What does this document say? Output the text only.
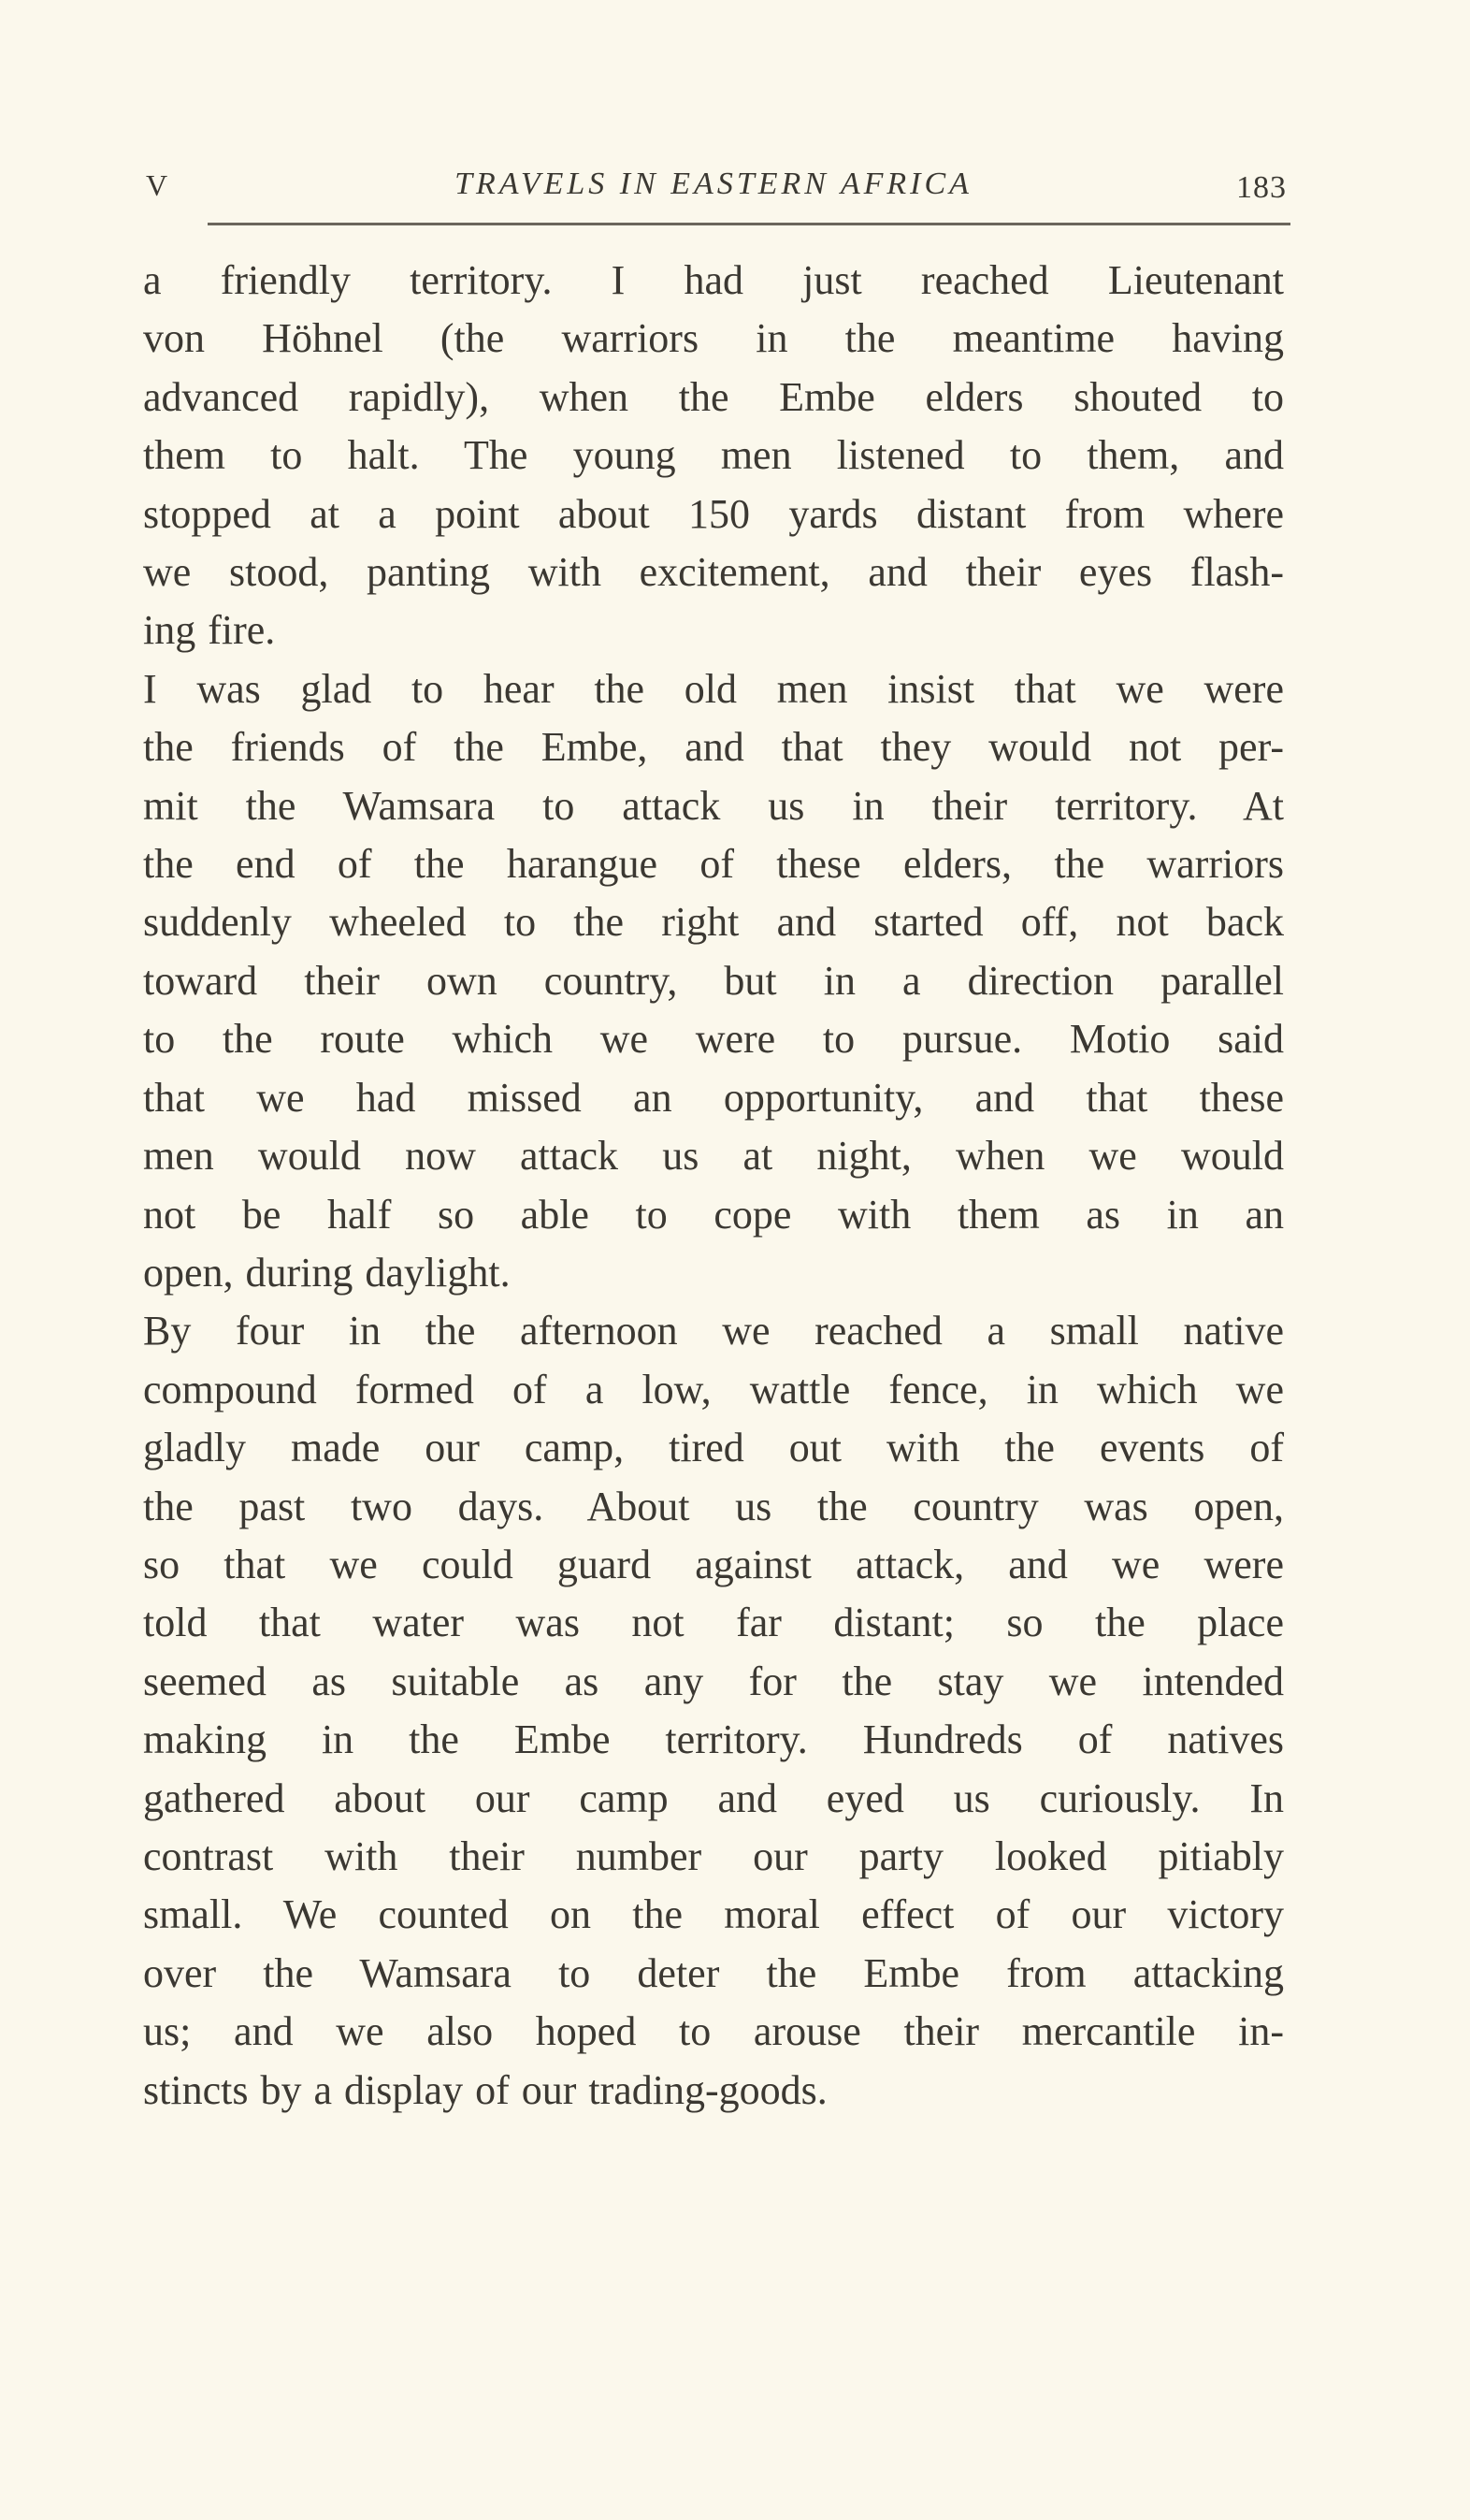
V	TRAVELS IN EASTERN AFRICA	183

a friendly territory. I had just reached Lieutenant
von Höhnel (the warriors in the meantime having
advanced rapidly), when the Embe elders shouted to
them to halt. The young men listened to them, and
stopped at a point about 150 yards distant from where
we stood, panting with excitement, and their eyes flash-
ing fire.

I was glad to hear the old men insist that we were
the friends of the Embe, and that they would not per-
mit the Wamsara to attack us in their territory. At
the end of the harangue of these elders, the warriors
suddenly wheeled to the right and started off, not back
toward their own country, but in a direction parallel
to the route which we were to pursue. Motio said
that we had missed an opportunity, and that these
men would now attack us at night, when we would
not be half so able to cope with them as in an
open, during daylight.

By four in the afternoon we reached a small native
compound formed of a low, wattle fence, in which we
gladly made our camp, tired out with the events of
the past two days. About us the country was open,
so that we could guard against attack, and we were
told that water was not far distant; so the place
seemed as suitable as any for the stay we intended
making in the Embe territory. Hundreds of natives
gathered about our camp and eyed us curiously. In
contrast with their number our party looked pitiably
small. We counted on the moral effect of our victory
over the Wamsara to deter the Embe from attacking
us; and we also hoped to arouse their mercantile in-
stincts by a display of our trading-goods.
